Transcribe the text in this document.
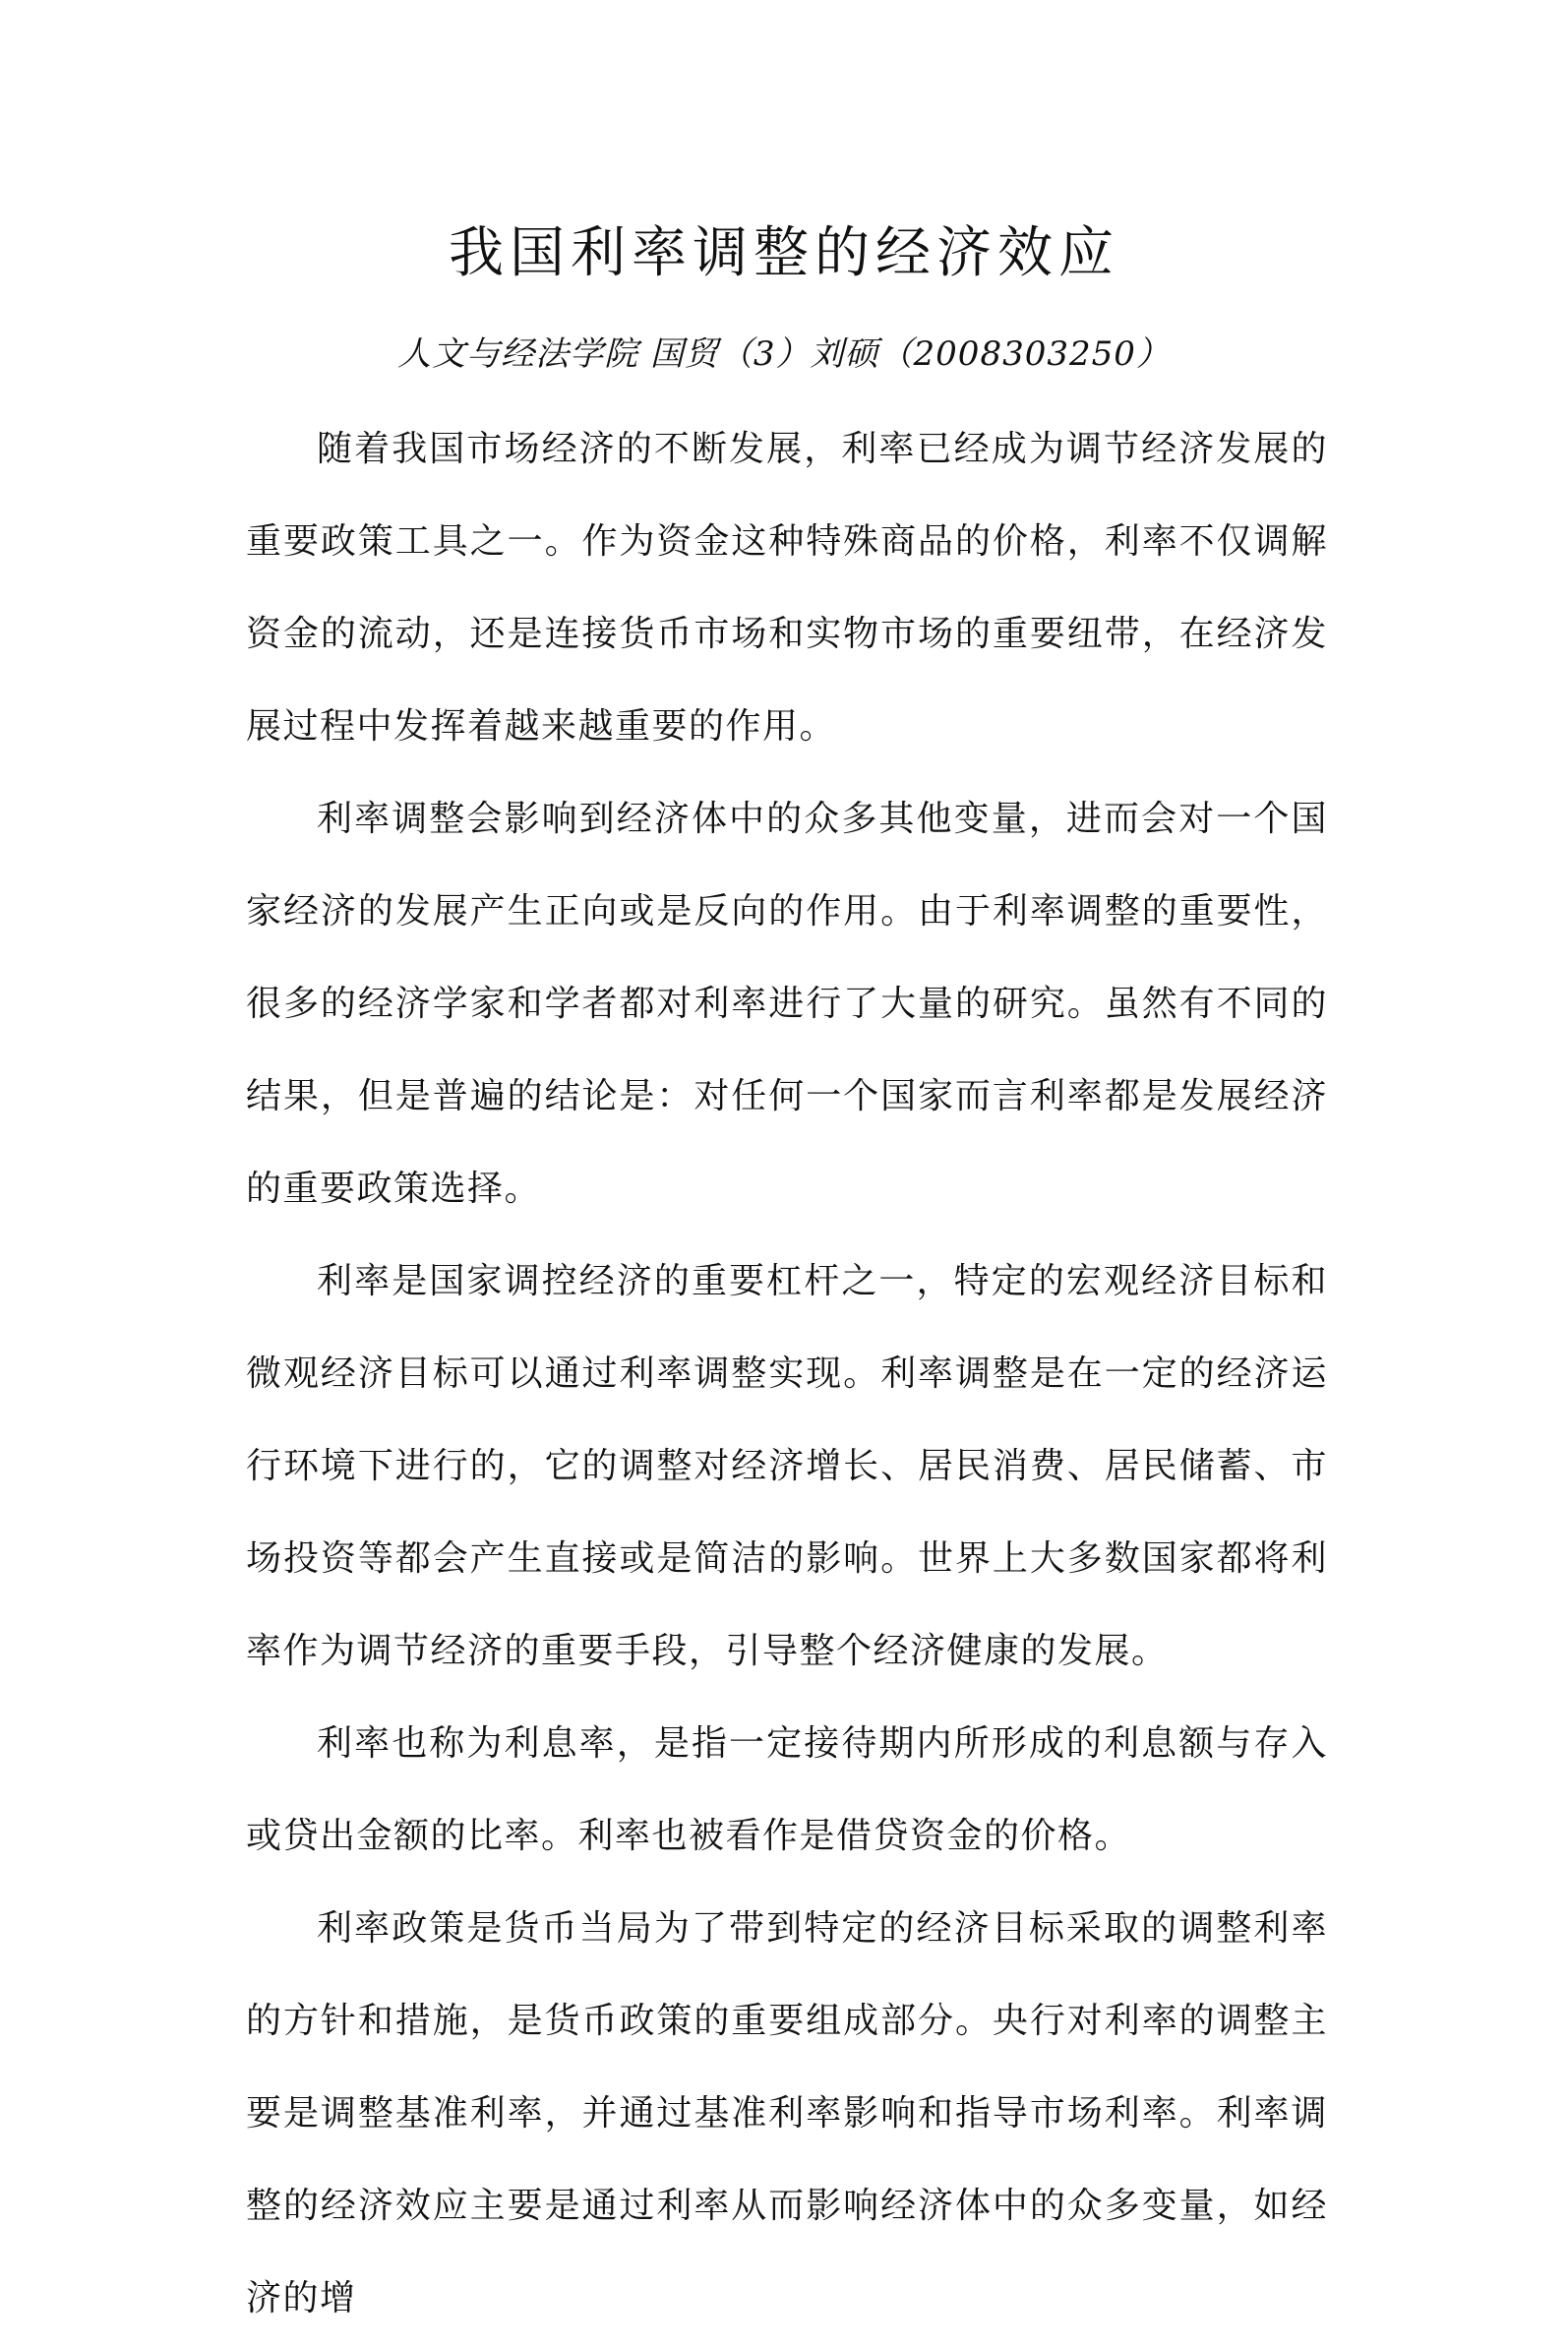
我国利率调整的经济效应

人文与经法学院 国贸（3）刘硕（2008303250）

随着我国市场经济的不断发展，利率已经成为调节经济发展的重要政策工具之一。作为资金这种特殊商品的价格，利率不仅调解资金的流动，还是连接货币市场和实物市场的重要纽带，在经济发展过程中发挥着越来越重要的作用。

利率调整会影响到经济体中的众多其他变量，进而会对一个国家经济的发展产生正向或是反向的作用。由于利率调整的重要性，很多的经济学家和学者都对利率进行了大量的研究。虽然有不同的结果，但是普遍的结论是：对任何一个国家而言利率都是发展经济的重要政策选择。

利率是国家调控经济的重要杠杆之一，特定的宏观经济目标和微观经济目标可以通过利率调整实现。利率调整是在一定的经济运行环境下进行的，它的调整对经济增长、居民消费、居民储蓄、市场投资等都会产生直接或是简洁的影响。世界上大多数国家都将利率作为调节经济的重要手段，引导整个经济健康的发展。

利率也称为利息率，是指一定接待期内所形成的利息额与存入或贷出金额的比率。利率也被看作是借贷资金的价格。

利率政策是货币当局为了带到特定的经济目标采取的调整利率的方针和措施，是货币政策的重要组成部分。央行对利率的调整主要是调整基准利率，并通过基准利率影响和指导市场利率。利率调整的经济效应主要是通过利率从而影响经济体中的众多变量，如经济的增
